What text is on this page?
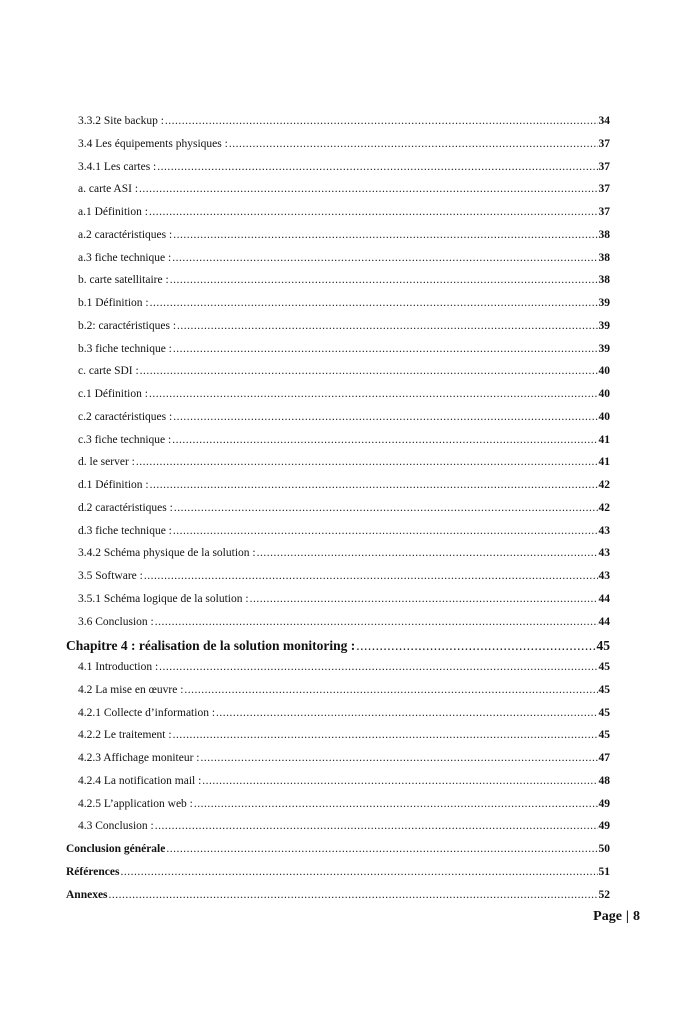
3.3.2 Site backup : .....	34
3.4 Les équipements physiques : .....	37
3.4.1 Les cartes : .....	37
a. carte ASI : .....	37
a.1 Définition : .....	37
a.2 caractéristiques : .....	38
a.3 fiche technique : .....	38
b. carte satellitaire : .....	38
b.1 Définition : .....	39
b.2: caractéristiques : .....	39
b.3 fiche technique : .....	39
c. carte SDI : .....	40
c.1 Définition : .....	40
c.2 caractéristiques : .....	40
c.3 fiche technique : .....	41
d. le server : .....	41
d.1 Définition : .....	42
d.2 caractéristiques : .....	42
d.3 fiche technique : .....	43
3.4.2 Schéma physique de la solution : .....	43
3.5 Software : .....	43
3.5.1 Schéma logique de la solution : .....	44
3.6 Conclusion : .....	44
Chapitre 4 : réalisation de la solution monitoring : .....	45
4.1 Introduction : .....	45
4.2 La mise en œuvre : .....	45
4.2.1 Collecte d’information : .....	45
4.2.2 Le traitement : .....	45
4.2.3 Affichage moniteur : .....	47
4.2.4 La notification mail : .....	48
4.2.5 L’application web : .....	49
4.3 Conclusion : .....	49
Conclusion générale .....	50
Références .....	51
Annexes .....	52
Page | 8
